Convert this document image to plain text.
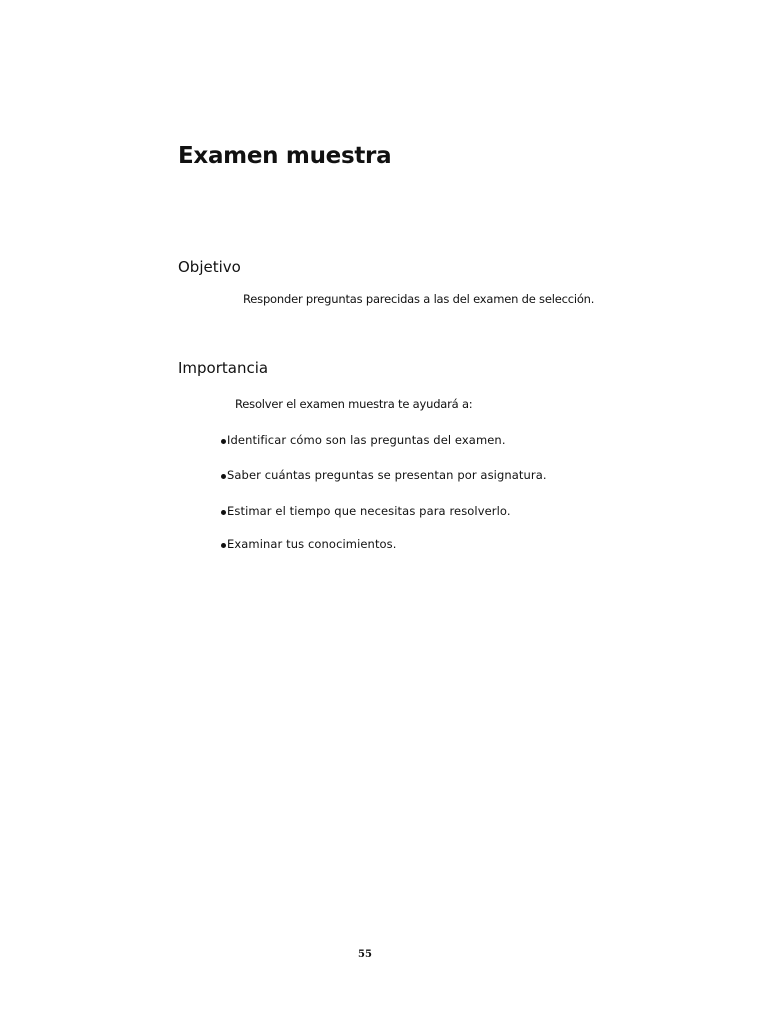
Examen muestra
Objetivo

Responder preguntas parecidas a las del examen de selección.

Importancia

Resolver el examen muestra te ayudará a:

Identificar cómo son las preguntas del examen.
Saber cuántas preguntas se presentan por asignatura.
Estimar el tiempo que necesitas para resolverlo.
Examinar tus conocimientos.
55
